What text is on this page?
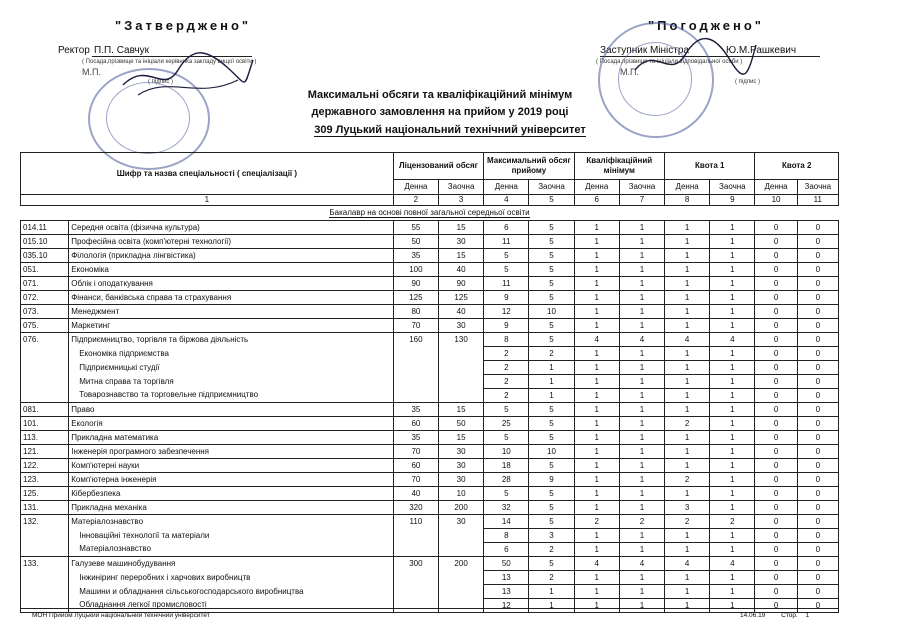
"Затверджено"
Ректор П.П. Савчук
( Посада,прізвище та ініціали керівника закладу вищої освіти )
М.П.
( підпис )
"Погоджено"
Заступник Міністра	Ю.М.Рашкевич
( Посада,прізвище та ініціали відповідальної особи )
М.П.
( підпис )
Максимальні обсяги та кваліфікаційний мінімум
державного замовлення на прийом у 2019 році
309 Луцький національний технічний університет
Шифр та назва спеціальності ( спеціалізації )		Ліцензований обсяг		Максимальний обсяг прийому		Кваліфікаційний мінімум		Квота 1		Квота 2	
		Денна	Заочна	Денна	Заочна	Денна	Заочна	Денна	Заочна	Денна	Заочна
1		2	3	4	5	6	7	8	9	10	11
Бакалавр на основі повної загальної середньої освіти											
014.11	Середня освіта (фізична культура)	55	15	6	5	1	1	1	1	0	0
015.10	Професійна освіта (комп'ютерні технології)	50	30	11	5	1	1	1	1	0	0
035.10	Філологія (прикладна лінгвістика)	35	15	5	5	1	1	1	1	0	0
051.	Економіка	100	40	5	5	1	1	1	1	0	0
071.	Облік і оподаткування	90	90	11	5	1	1	1	1	0	0
072.	Фінанси, банківська справа та страхування	125	125	9	5	1	1	1	1	0	0
073.	Менеджмент	80	40	12	10	1	1	1	1	0	0
075.	Маркетинг	70	30	9	5	1	1	1	1	0	0
076.	Підприємництво, торгівля та біржова діяльність	160	130	8	5	4	4	4	4	0	0
	Економіка підприємства			2	2	1	1	1	1	0	0
	Підприємницькі студії			2	1	1	1	1	1	0	0
	Митна справа та торгівля			2	1	1	1	1	1	0	0
	Товарознавство та торговельне підприємництво			2	1	1	1	1	1	0	0
081.	Право	35	15	5	5	1	1	1	1	0	0
101.	Екологія	60	50	25	5	1	1	2	1	0	0
113.	Прикладна математика	35	15	5	5	1	1	1	1	0	0
121.	Інженерія програмного забезпечення	70	30	10	10	1	1	1	1	0	0
122.	Комп'ютерні науки	60	30	18	5	1	1	1	1	0	0
123.	Комп'ютерна інженерія	70	30	28	9	1	1	2	1	0	0
125.	Кібербезпека	40	10	5	5	1	1	1	1	0	0
131.	Прикладна механіка	320	200	32	5	1	1	3	1	0	0
132.	Матеріалознавство	110	30	14	5	2	2	2	2	0	0
	Інноваційні технології та матеріали			8	3	1	1	1	1	0	0
	Матеріалознавство			6	2	1	1	1	1	0	0
133.	Галузеве машинобудування	300	200	50	5	4	4	4	4	0	0
	Інжиніринг переробних і харчових виробництв			13	2	1	1	1	1	0	0
	Машини и обладнання сільськогосподарського виробництва			13	1	1	1	1	1	0	0
	Обладнання легкої промисловості			12	1	1	1	1	1	0	0
МОН Прийом Луцький національний технічний університет	14.06.19 Стор. 1
